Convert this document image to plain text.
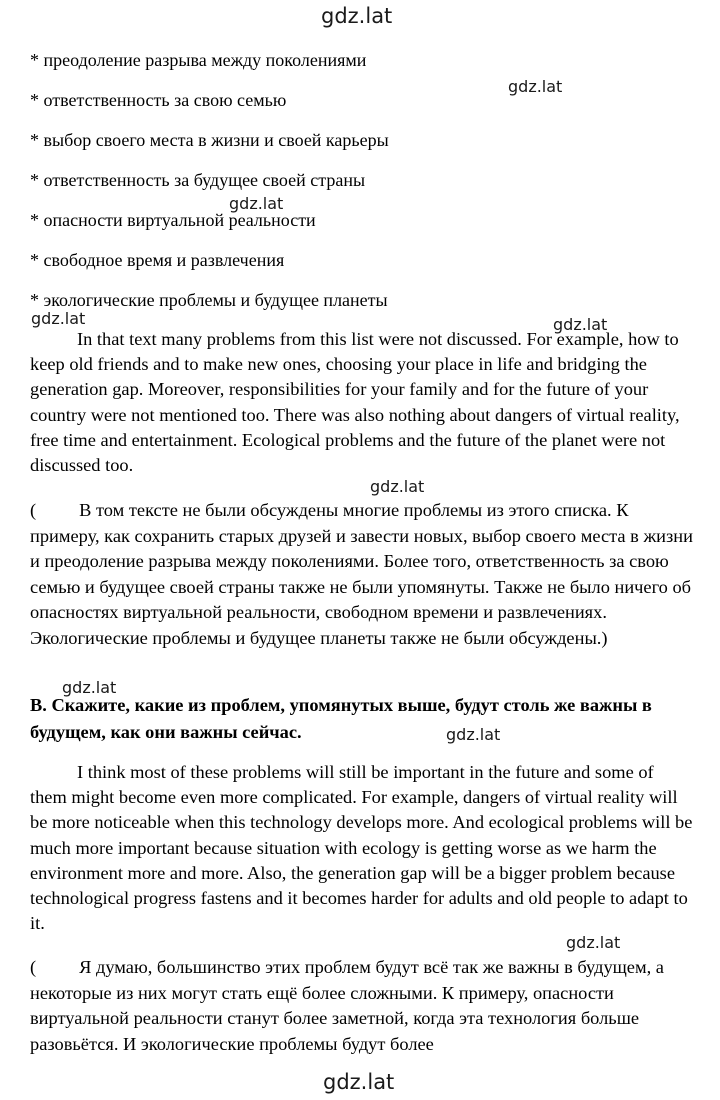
gdz.lat
gdz.lat
gdz.lat
gdz.lat	gdz.lat
gdz.lat
gdz.lat
gdz.lat
gdz.lat
gdz.lat
* преодоление разрыва между поколениями
* ответственность за свою семью
* выбор своего места в жизни и своей карьеры
* ответственность за будущее своей страны
* опасности виртуальной реальности
* свободное время и развлечения
* экологические проблемы и будущее планеты

In that text many problems from this list were not discussed. For example, how to keep old friends and to make new ones, choosing your place in life and bridging the generation gap. Moreover, responsibilities for your family and for the future of your country were not mentioned too. There was also nothing about dangers of virtual reality, free time and entertainment. Ecological problems and the future of the planet were not discussed too.

( В том тексте не были обсуждены многие проблемы из этого списка. К примеру, как сохранить старых друзей и завести новых, выбор своего места в жизни и преодоление разрыва между поколениями. Более того, ответственность за свою семью и будущее своей страны также не были упомянуты. Также не было ничего об опасностях виртуальной реальности, свободном времени и развлечениях. Экологические проблемы и будущее планеты также не были обсуждены.)

B. Скажите, какие из проблем, упомянутых выше, будут столь же важны в будущем, как они важны сейчас.

I think most of these problems will still be important in the future and some of them might become even more complicated. For example, dangers of virtual reality will be more noticeable when this technology develops more. And ecological problems will be much more important because situation with ecology is getting worse as we harm the environment more and more. Also, the generation gap will be a bigger problem because technological progress fastens and it becomes harder for adults and old people to adapt to it.

( Я думаю, большинство этих проблем будут всё так же важны в будущем, а некоторые из них могут стать ещё более сложными. К примеру, опасности виртуальной реальности станут более заметной, когда эта технология больше разовьётся. И экологические проблемы будут более
